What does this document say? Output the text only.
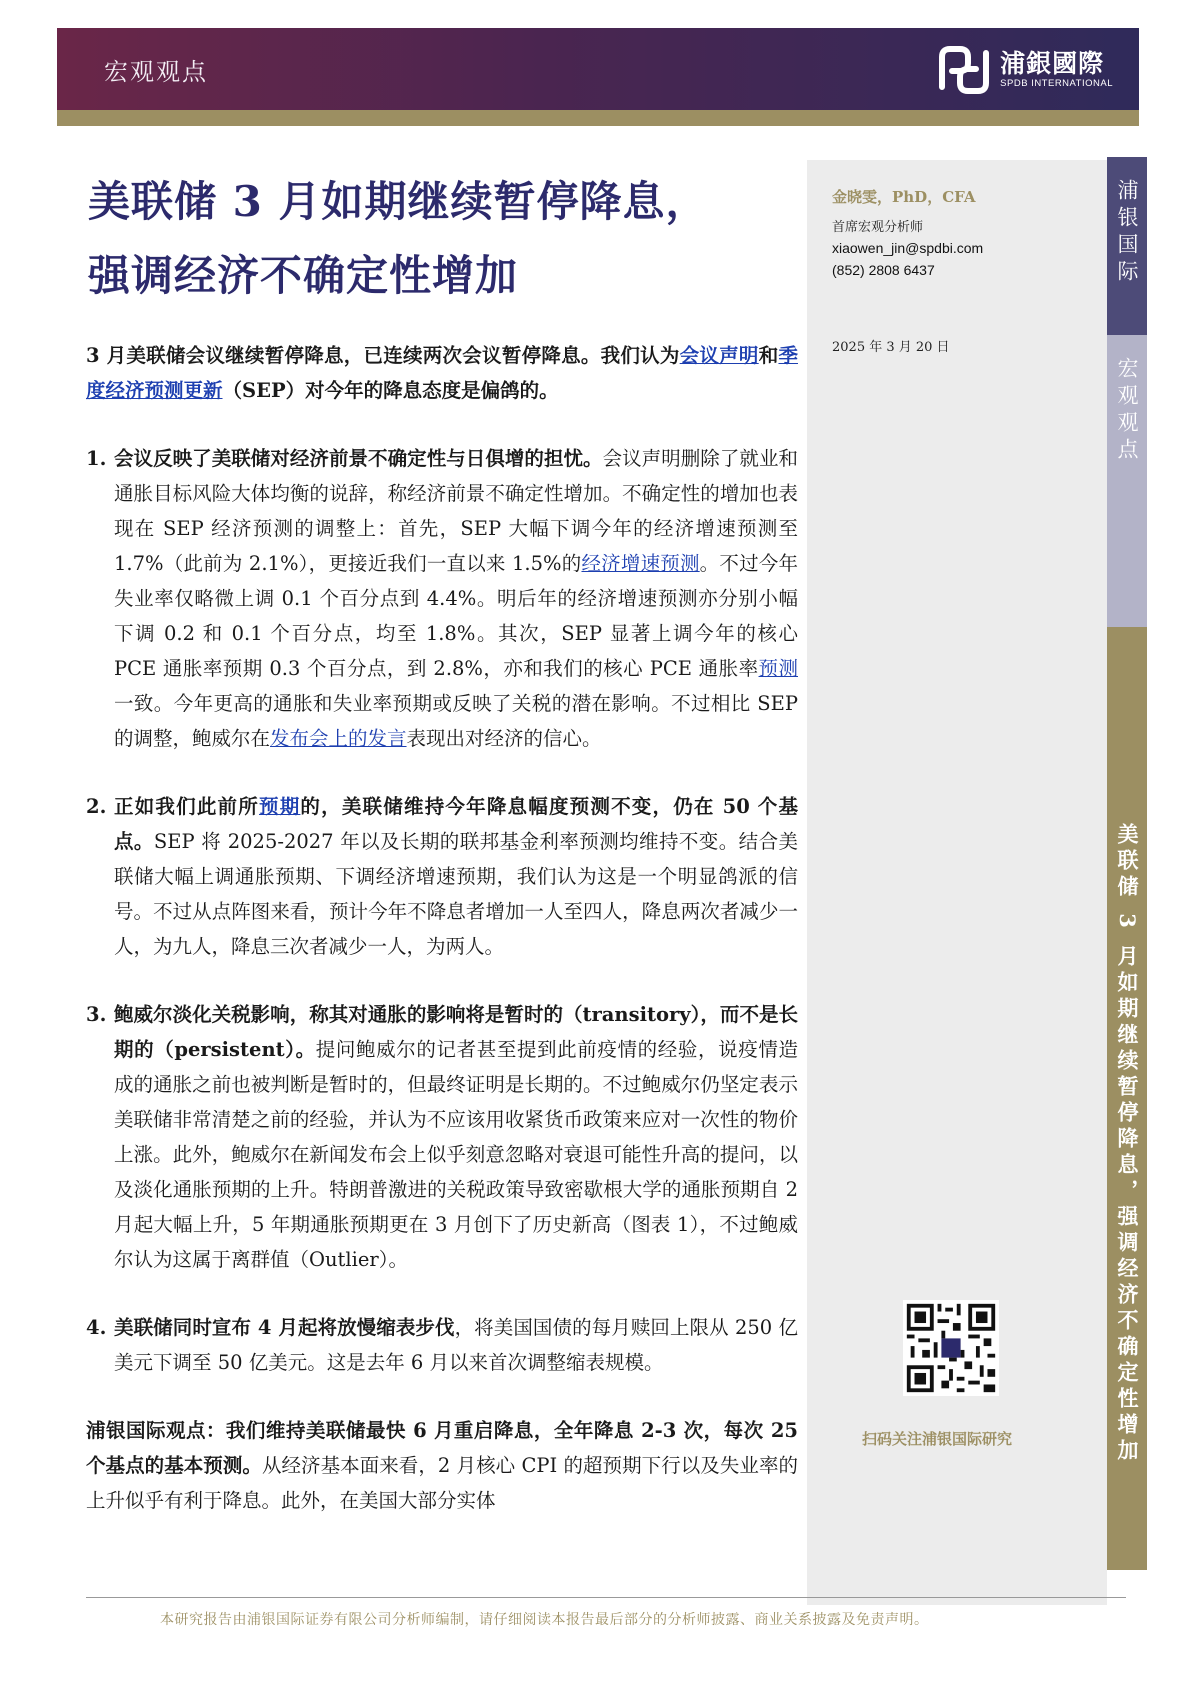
宏观观点	浦銀國際
SPDB INTERNATIONAL
美联储 3 月如期继续暂停降息，
强调经济不确定性增加
金晓雯，PhD，CFA
首席宏观分析师
xiaowen_jin@spdbi.com
(852) 2808 6437
2025 年 3 月 20 日
浦银国际
宏观观点
美联储 3 月如期继续暂停降息，强调经济不确定性增加
扫码关注浦银国际研究

3 月美联储会议继续暂停降息，已连续两次会议暂停降息。我们认为会议声明和季度经济预测更新（SEP）对今年的降息态度是偏鸽的。

1. 会议反映了美联储对经济前景不确定性与日俱增的担忧。会议声明删除了就业和通胀目标风险大体均衡的说辞，称经济前景不确定性增加。不确定性的增加也表现在 SEP 经济预测的调整上：首先，SEP 大幅下调今年的经济增速预测至 1.7%（此前为 2.1%），更接近我们一直以来 1.5%的经济增速预测。不过今年失业率仅略微上调 0.1 个百分点到 4.4%。明后年的经济增速预测亦分别小幅下调 0.2 和 0.1 个百分点，均至 1.8%。其次，SEP 显著上调今年的核心 PCE 通胀率预期 0.3 个百分点，到 2.8%，亦和我们的核心 PCE 通胀率预测一致。今年更高的通胀和失业率预期或反映了关税的潜在影响。不过相比 SEP 的调整，鲍威尔在发布会上的发言表现出对经济的信心。
2. 正如我们此前所预期的，美联储维持今年降息幅度预测不变，仍在 50 个基点。SEP 将 2025-2027 年以及长期的联邦基金利率预测均维持不变。结合美联储大幅上调通胀预期、下调经济增速预期，我们认为这是一个明显鸽派的信号。不过从点阵图来看，预计今年不降息者增加一人至四人，降息两次者减少一人，为九人，降息三次者减少一人，为两人。
3. 鲍威尔淡化关税影响，称其对通胀的影响将是暂时的（transitory），而不是长期的（persistent）。提问鲍威尔的记者甚至提到此前疫情的经验，说疫情造成的通胀之前也被判断是暂时的，但最终证明是长期的。不过鲍威尔仍坚定表示美联储非常清楚之前的经验，并认为不应该用收紧货币政策来应对一次性的物价上涨。此外，鲍威尔在新闻发布会上似乎刻意忽略对衰退可能性升高的提问，以及淡化通胀预期的上升。特朗普激进的关税政策导致密歇根大学的通胀预期自 2 月起大幅上升，5 年期通胀预期更在 3 月创下了历史新高（图表 1），不过鲍威尔认为这属于离群值（Outlier）。
4. 美联储同时宣布 4 月起将放慢缩表步伐，将美国国债的每月赎回上限从 250 亿美元下调至 50 亿美元。这是去年 6 月以来首次调整缩表规模。

浦银国际观点：我们维持美联储最快 6 月重启降息，全年降息 2-3 次，每次 25 个基点的基本预测。从经济基本面来看，2 月核心 CPI 的超预期下行以及失业率的上升似乎有利于降息。此外，在美国大部分实体

本研究报告由浦银国际证券有限公司分析师编制，请仔细阅读本报告最后部分的分析师披露、商业关系披露及免责声明。
